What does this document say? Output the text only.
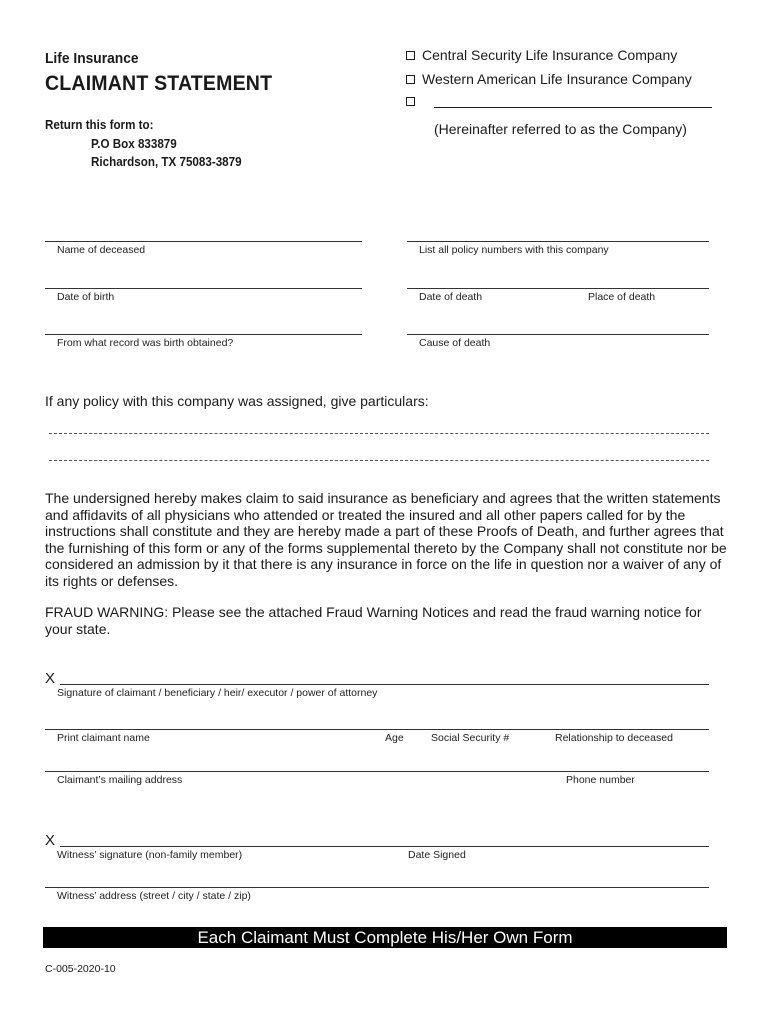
Life Insurance
CLAIMANT STATEMENT
Return this form to:
P.O Box 833879
Richardson, TX 75083-3879
Central Security Life Insurance Company
Western American Life Insurance Company
(Hereinafter referred to as the Company)
Name of deceased	List all policy numbers with this company
Date of birth	Date of death	Place of death
From what record was birth obtained?	Cause of death
If any policy with this company was assigned, give particulars:
The undersigned hereby makes claim to said insurance as beneficiary and agrees that the written statements and affidavits of all physicians who attended or treated the insured and all other papers called for by the instructions shall constitute and they are hereby made a part of these Proofs of Death, and further agrees that the furnishing of this form or any of the forms supplemental thereto by the Company shall not constitute nor be considered an admission by it that there is any insurance in force on the life in question nor a waiver of any of its rights or defenses.
FRAUD WARNING: Please see the attached Fraud Warning Notices and read the fraud warning notice for your state.
X
Signature of claimant / beneficiary / heir/ executor / power of attorney
Print claimant name	Age	Social Security #	Relationship to deceased
Claimant’s mailing address	Phone number
X
Witness’ signature (non-family member)	Date Signed
Witness’ address (street / city / state / zip)
Each Claimant Must Complete His/Her Own Form
C-005-2020-10
